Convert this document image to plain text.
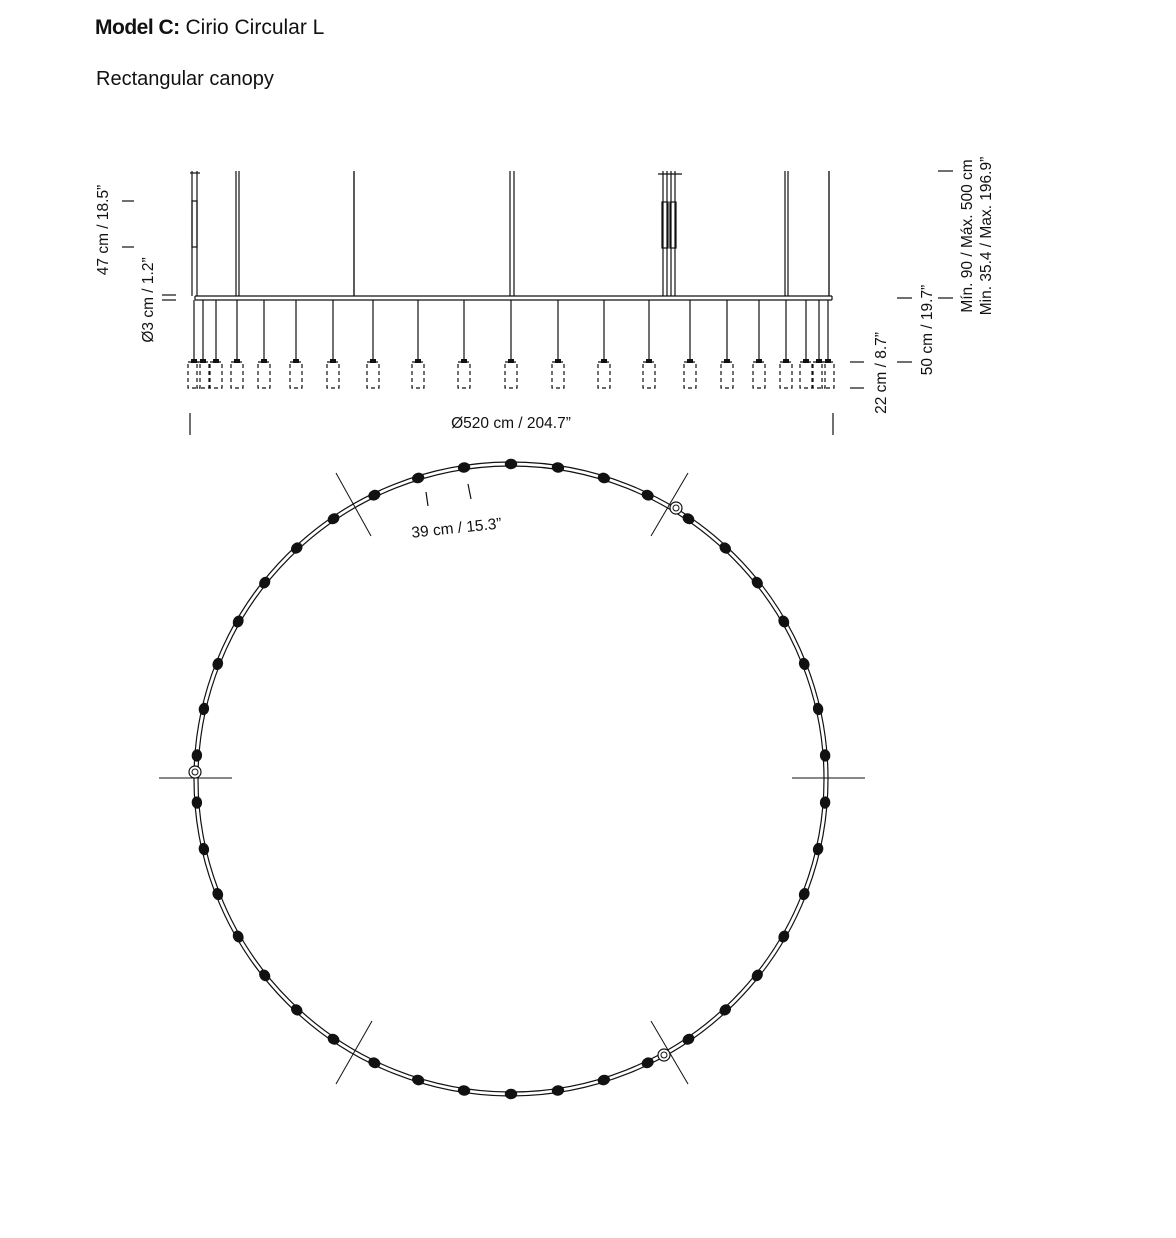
Model C: Cirio Circular L
Rectangular canopy
47 cm / 18.5”
Ø3 cm / 1.2”
22 cm / 8.7” 50 cm / 19.7”
Mín. 90 / Máx. 500 cm Min. 35.4 / Max. 196.9”
Ø520 cm / 204.7”
39 cm / 15.3”
